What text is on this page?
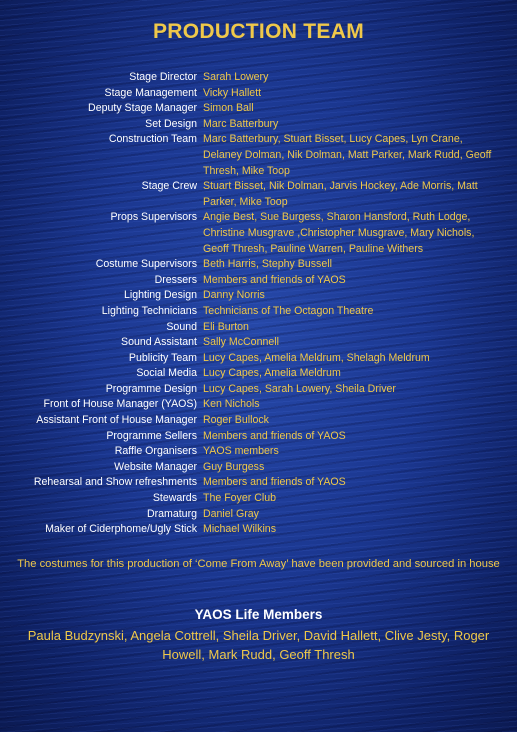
PRODUCTION TEAM
Stage Director Sarah Lowery
Stage Management Vicky Hallett
Deputy Stage Manager Simon Ball
Set Design Marc Batterbury
Construction Team Marc Batterbury, Stuart Bisset, Lucy Capes, Lyn Crane, Delaney Dolman, Nik Dolman, Matt Parker, Mark Rudd, Geoff Thresh, Mike Toop
Stage Crew Stuart Bisset, Nik Dolman, Jarvis Hockey, Ade Morris, Matt Parker, Mike Toop
Props Supervisors Angie Best, Sue Burgess, Sharon Hansford, Ruth Lodge, Christine Musgrave ,Christopher Musgrave, Mary Nichols, Geoff Thresh, Pauline Warren, Pauline Withers
Costume Supervisors Beth Harris, Stephy Bussell
Dressers Members and friends of YAOS
Lighting Design Danny Norris
Lighting Technicians Technicians of The Octagon Theatre
Sound Eli Burton
Sound Assistant Sally McConnell
Publicity Team Lucy Capes, Amelia Meldrum, Shelagh Meldrum
Social Media Lucy Capes, Amelia Meldrum
Programme Design Lucy Capes, Sarah Lowery, Sheila Driver
Front of House Manager (YAOS) Ken Nichols
Assistant Front of House Manager Roger Bullock
Programme Sellers Members and friends of YAOS
Raffle Organisers YAOS members
Website Manager Guy Burgess
Rehearsal and Show refreshments Members and friends of YAOS
Stewards The Foyer Club
Dramaturg Daniel Gray
Maker of Ciderphome/Ugly Stick Michael Wilkins
The costumes for this production of ‘Come From Away’ have been provided and sourced in house
YAOS Life Members
Paula Budzynski, Angela Cottrell, Sheila Driver, David Hallett, Clive Jesty, Roger Howell, Mark Rudd, Geoff Thresh
